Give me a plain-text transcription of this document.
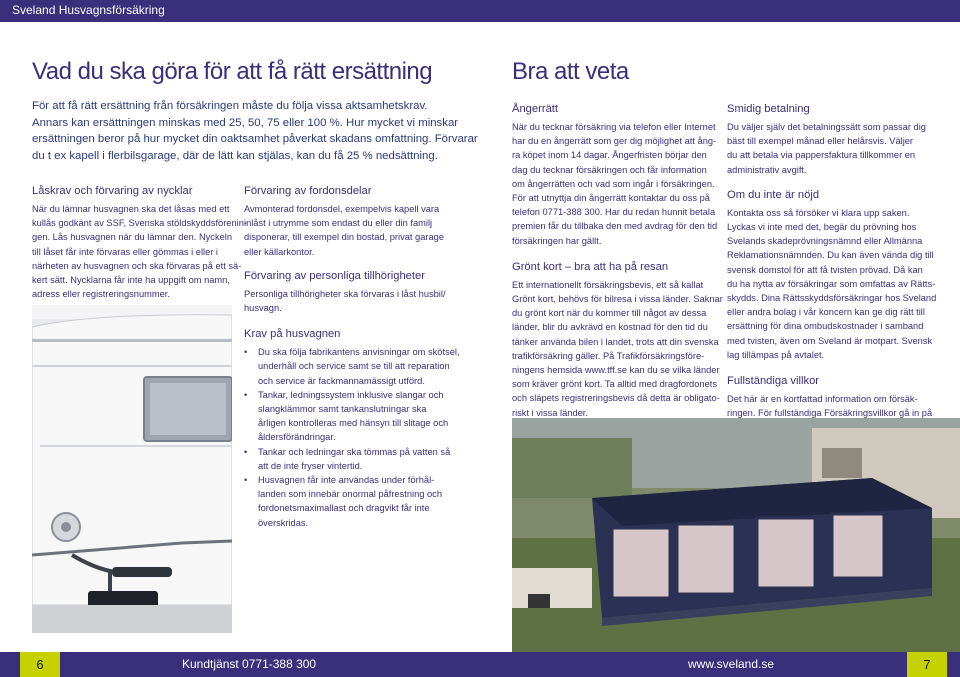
Sveland Husvagnsförsäkring
Vad du ska göra för att få rätt ersättning

För att få rätt ersättning från försäkringen måste du följa vissa aktsamhetskrav.

Annars kan ersättningen minskas med 25, 50, 75 eller 100 %. Hur mycket vi minskar

ersättningen beror på hur mycket din oaktsamhet påverkat skadans omfattning. Förvarar

du t ex kapell i flerbilsgarage, där de lätt kan stjälas, kan du få 25 % nedsättning.

Låskrav och förvaring av nycklar

När du lämnar husvagnen ska det låsas med ett

kullås godkänt av SSF, Svenska stöldskyddsförenin-

gen. Lås husvagnen när du lämnar den. Nyckeln

till låset får inte förvaras eller gömmas i eller i

närheten av husvagnen och ska förvaras på ett sä-

kert sätt. Nycklarna får inte ha uppgift om namn,

adress eller registreringsnummer.

Förvaring av fordonsdelar

Avmonterad fordonsdel, exempelvis kapell vara

inlåst i utrymme som endast du eller din familj

disponerar, till exempel din bostad, privat garage

eller källarkontor.

Förvaring av personliga tillhörigheter

Personliga tillhörigheter ska förvaras i låst husbil/

husvagn.

Krav på husvagnen

• Du ska följa fabrikantens anvisningar om skötsel,

underhåll och service samt se till att reparation

och service är fackmannamässigt utförd.

• Tankar, ledningssystem inklusive slangar och

slangklämmor samt tankanslutningar ska

årligen kontrolleras med hänsyn till slitage och

åldersförändringar.

• Tankar och ledningar ska tömmas på vatten så

att de inte fryser vintertid.

• Husvagnen får inte användas under förhål-

landen som innebär onormal påfrestning och

fordonetsmaximallast och dragvikt får inte

överskridas.

Bra att veta
Ångerrätt

När du tecknar försäkring via telefon eller Internet

har du en ångerrätt som ger dig möjlighet att ång-

ra köpet inom 14 dagar. Ångerfristen börjar den

dag du tecknar försäkringen och får information

om ångerrätten och vad som ingår i försäkringen.

För att utnyttja din ångerrätt kontaktar du oss på

telefon 0771-388 300. Har du redan hunnit betala

premien får du tillbaka den med avdrag för den tid

försäkringen har gällt.

Grönt kort – bra att ha på resan

Ett internationellt försäkringsbevis, ett så kallat

Grönt kort, behövs för bilresa i vissa länder. Saknar

du grönt kort när du kommer till något av dessa

länder, blir du avkrävd en kostnad för den tid du

tänker använda bilen i landet, trots att din svenska

trafikförsäkring gäller. På Trafikförsäkringsföre-

ningens hemsida www.tff.se kan du se vilka länder

som kräver grönt kort. Ta alltid med dragfordonets

och släpets registreringsbevis då detta är obligato-

riskt i vissa länder.

Smidig betalning

Du väljer själv det betalningssätt som passar dig

bäst till exempel månad eller helårsvis. Väljer

du att betala via pappersfaktura tillkommer en

administrativ avgift.

Om du inte är nöjd

Kontakta oss så försöker vi klara upp saken.

Lyckas vi inte med det, begär du prövning hos

Svelands skadeprövningsnämnd eller Allmänna

Reklamationsnämnden. Du kan även vända dig till

svensk domstol för att få tvisten prövad. Då kan

du ha nytta av försäkringar som omfattas av Rätts-

skydds. Dina Rättsskyddsförsäkringar hos Sveland

eller andra bolag i vår koncern kan ge dig rätt till

ersättning för dina ombudskostnader i samband

med tvisten, även om Sveland är motpart. Svensk

lag tillämpas på avtalet.

Fullständiga villkor

Det här är en kortfattad information om försäk-

ringen. För fullständiga Försäkringsvillkor gå in på

6	Kundtjänst 0771-388 300	www.sveland.se	7
